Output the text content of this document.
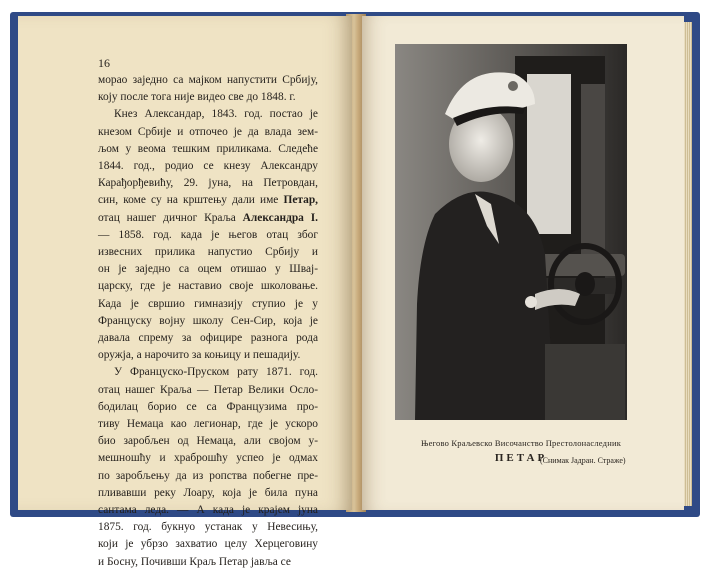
16
морао заједно са мајком напустити Србију,
којy после тога није видео све до 1848. г.
Кнез Александар, 1843. год. постао је
кнезом Србије и отпочео је да влада зем-
љом у веома тешким приликама. Следеће
1844. год., родио се кнезу Александру
Карађорђевићу, 29. јуна, на Петровдан,
син, коме су на крштењу дали име Петар,
отац нашег дичног Краља Александра I.
— 1858. год. када је његов отац због
извесних прилика напустио Србију и
он је заједно са оцем отишао у Швај-
царску, где је наставио своје школовање.
Када је свршио гимназију ступио је у
Француску војну школу Сен-Сир, која је
давала спрему за официре разнога рода
оружја, а нарочито за коњицу и пешадију.
У Француско-Пруском рату 1871. год.
отац нашег Краља — Петар Велики Осло-
бодилац борио се са Французима про-
тиву Немаца као легионар, где је ускоро
био заробљен од Немаца, али својом у-
мешношћу и храброшћу успео је одмах
по заробљењу да из ропства побегне пре-
пливавши реку Лоару, која је била пуна
сантама леда. — А када је крајем јуна
1875. год. букнуо устанак у Невесињу,
који је убрзо захватио целу Херцеговину
и Босну, Почивши Краљ Петар јавља се
Његово Краљевско Височанство Престолонаследник
ПЕТАР
(Снимак Јадран. Страже)
